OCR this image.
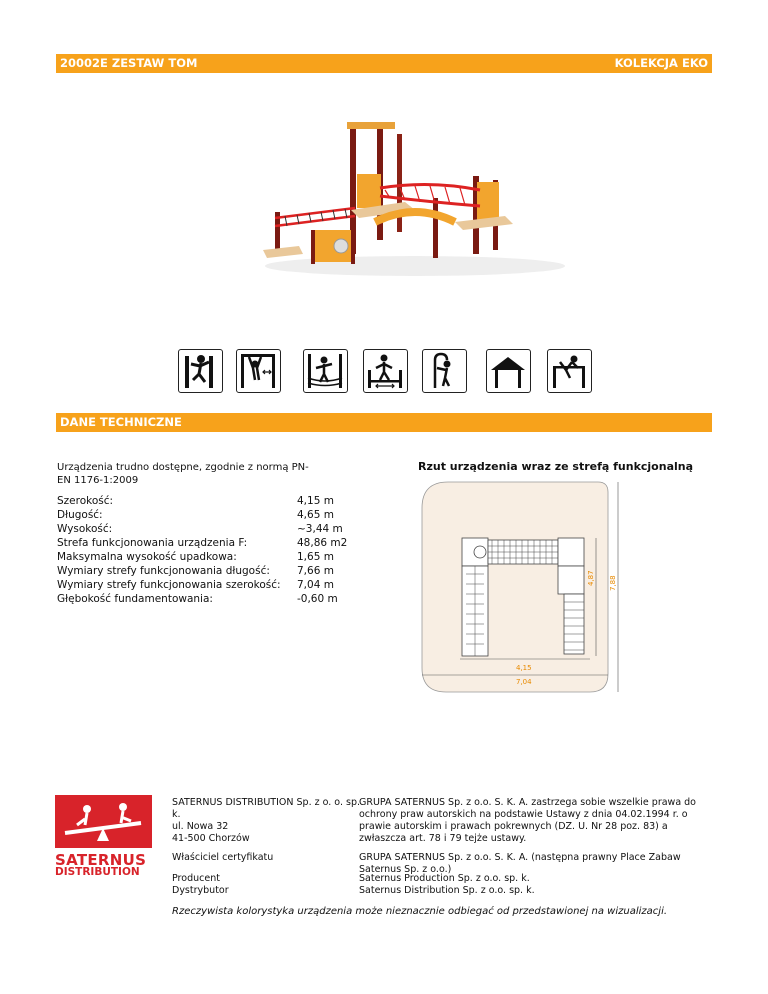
20002E ZESTAW TOM	KOLEKCJA EKO
DANE TECHNICZNE
Urządzenia trudno dostępne, zgodnie z normą PN-EN 1176-1:2009
Szerokość:	4,15 m
Długość:	4,65 m
Wysokość:	~3,44 m
Strefa funkcjonowania urządzenia F:	48,86 m2
Maksymalna wysokość upadkowa:	1,65 m
Wymiary strefy funkcjonowania długość:	7,66 m
Wymiary strefy funkcjonowania szerokość: 7,04 m
Głębokość fundamentowania:	-0,60 m
Rzut urządzenia wraz ze strefą funkcjonalną
4,87 7,88
4,15
7,04
SATERNUS
DISTRIBUTION
SATERNUS DISTRIBUTION Sp. z o. o. sp. k.
ul. Nowa 32
41-500 Chorzów
GRUPA SATERNUS Sp. z o.o. S. K. A. zastrzega sobie wszelkie prawa do ochrony praw autorskich na podstawie Ustawy z dnia 04.02.1994 r. o prawie autorskim i prawach pokrewnych (DZ. U. Nr 28 poz. 83) a zwłaszcza art. 78 i 79 tejże ustawy.
Właściciel certyfikatu	GRUPA SATERNUS Sp. z o.o. S. K. A. (następna prawny Place Zabaw Saternus Sp. z o.o.)
Producent	Saternus Production Sp. z o.o. sp. k.
Dystrybutor	Saternus Distribution Sp. z o.o. sp. k.
Rzeczywista kolorystyka urządzenia może nieznacznie odbiegać od przedstawionej na wizualizacji.
